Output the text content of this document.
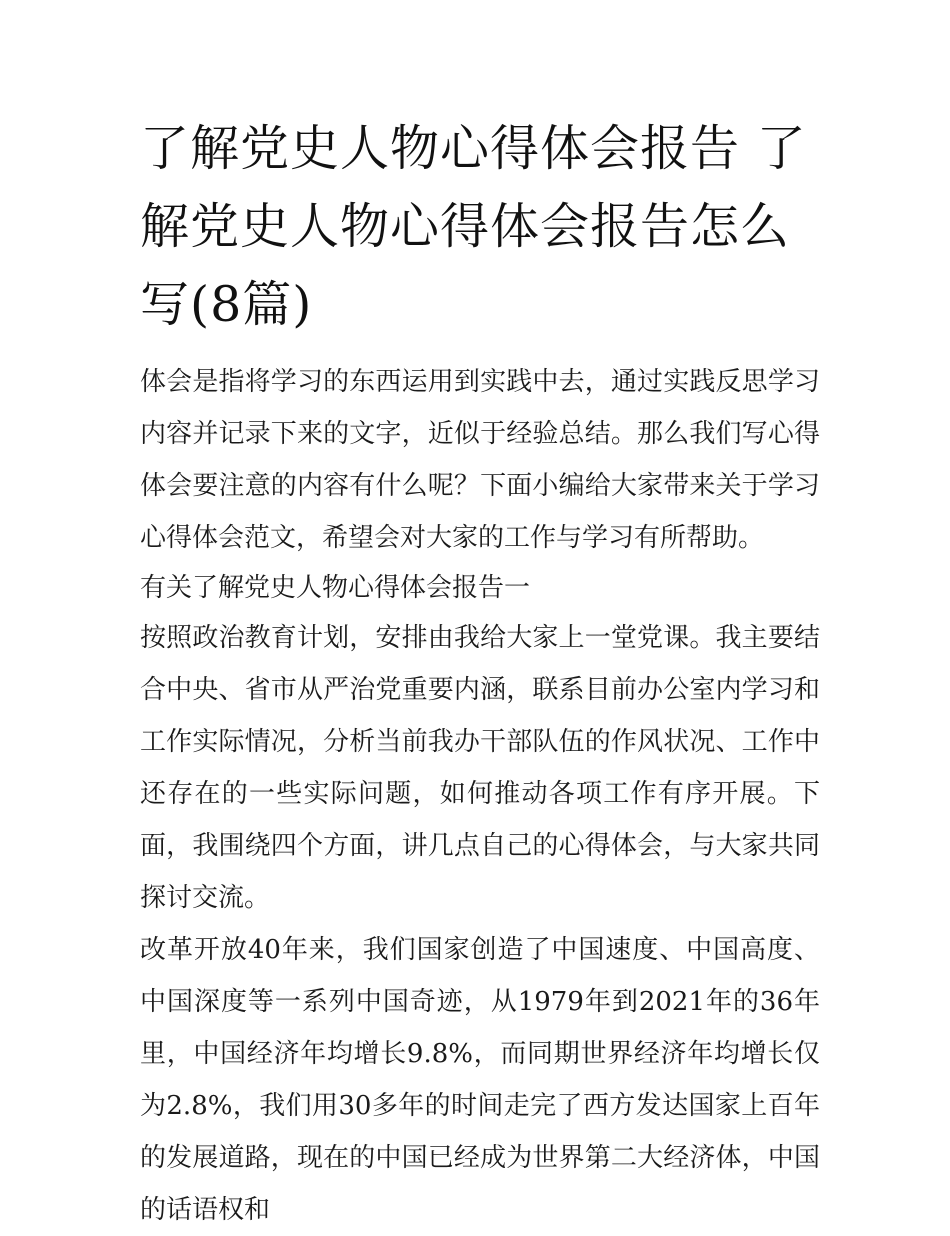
了解党史人物心得体会报告 了解党史人物心得体会报告怎么写(8篇)

体会是指将学习的东西运用到实践中去，通过实践反思学习内容并记录下来的文字，近似于经验总结。那么我们写心得体会要注意的内容有什么呢？下面小编给大家带来关于学习心得体会范文，希望会对大家的工作与学习有所帮助。

有关了解党史人物心得体会报告一

按照政治教育计划，安排由我给大家上一堂党课。我主要结合中央、省市从严治党重要内涵，联系目前办公室内学习和工作实际情况，分析当前我办干部队伍的作风状况、工作中还存在的一些实际问题，如何推动各项工作有序开展。下面，我围绕四个方面，讲几点自己的心得体会，与大家共同探讨交流。

改革开放40年来，我们国家创造了中国速度、中国高度、中国深度等一系列中国奇迹，从1979年到2021年的36年里，中国经济年均增长9.8%，而同期世界经济年均增长仅为2.8%，我们用30多年的时间走完了西方发达国家上百年的发展道路，现在的中国已经成为世界第二大经济体，中国的话语权和
